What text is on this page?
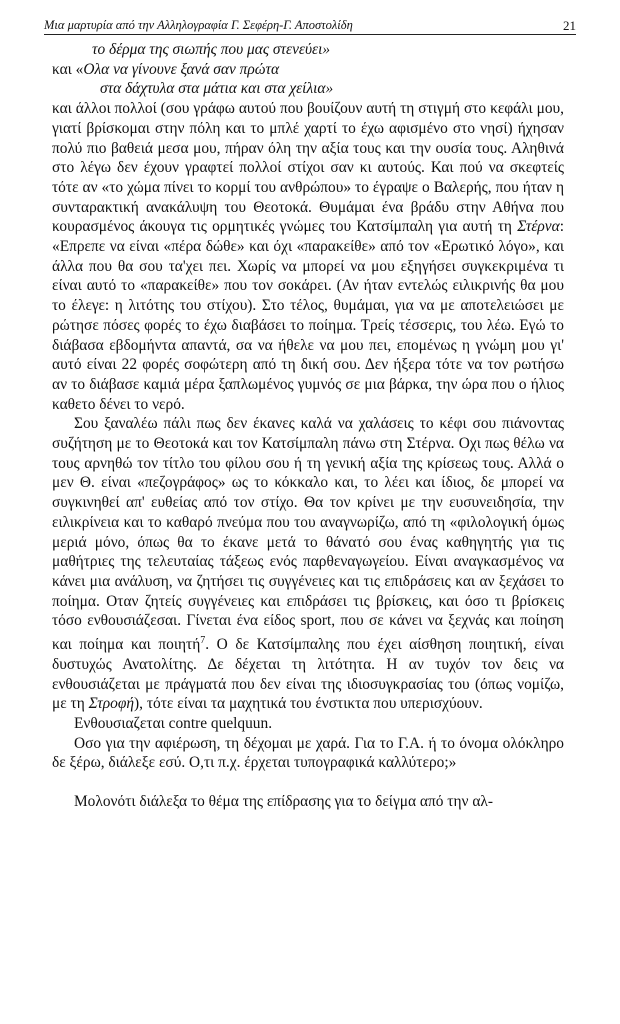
Μια μαρτυρία από την Αλληλογραφία Γ. Σεφέρη-Γ. Αποστολίδη	21

το δέρμα της σιωπής που μας στενεύει»

και «Ολα να γίνουνε ξανά σαν πρώτα

στα δάχτυλα στα μάτια και στα χείλια»

και άλλοι πολλοί (σου γράφω αυτού που βουίζουν αυτή τη στιγμή στο κεφάλι μου, γιατί βρίσκομαι στην πόλη και το μπλέ χαρτί το έχω αφισμένο στο νησί) ήχησαν πολύ πιο βαθειά μεσα μου, πήραν όλη την αξία τους και την ουσία τους. Αληθινά στο λέγω δεν έχουν γραφτεί πολλοί στίχοι σαν κι αυτούς. Και πού να σκεφτείς τότε αν «το χώμα πίνει το κορμί του ανθρώπου» το έγραψε ο Βαλερής, που ήταν η συνταρακτική ανακάλυψη του Θεοτοκά. Θυμάμαι ένα βράδυ στην Αθήνα που κουρασμένος άκουγα τις ορμητικές γνώμες του Κατσίμπαλη για αυτή τη Στέρνα: «Επρεπε να είναι «πέρα δώθε» και όχι «παρακείθε» από τον «Ερωτικό λόγο», και άλλα που θα σου τα'χει πει. Χωρίς να μπορεί να μου εξηγήσει συγκεκριμένα τι είναι αυτό το «παρακείθε» που τον σοκάρει. (Αν ήταν εντελώς ειλικρινής θα μου το έλεγε: η λιτότης του στίχου). Στο τέλος, θυμάμαι, για να με αποτελειώσει με ρώτησε πόσες φορές το έχω διαβάσει το ποίημα. Τρείς τέσσερις, του λέω. Εγώ το διάβασα εβδομήντα απαντά, σα να ήθελε να μου πει, επομένως η γνώμη μου γι' αυτό είναι 22 φορές σοφώτερη από τη δική σου. Δεν ήξερα τότε να τον ρωτήσω αν το διάβασε καμιά μέρα ξαπλωμένος γυμνός σε μια βάρκα, την ώρα που ο ήλιος καθετο δένει το νερό.

Σου ξαναλέω πάλι πως δεν έκανες καλά να χαλάσεις το κέφι σου πιάνοντας συζήτηση με το Θεοτοκά και τον Κατσίμπαλη πάνω στη Στέρνα. Οχι πως θέλω να τους αρνηθώ τον τίτλο του φίλου σου ή τη γενική αξία της κρίσεως τους. Αλλά ο μεν Θ. είναι «πεζογράφος» ως το κόκκαλο και, το λέει και ίδιος, δε μπορεί να συγκινηθεί απ' ευθείας από τον στίχο. Θα τον κρίνει με την ευσυνειδησία, την ειλικρίνεια και το καθαρό πνεύμα που του αναγνωρίζω, από τη «φιλολογική όμως μεριά μόνο, όπως θα το έκανε μετά το θάνατό σου ένας καθηγητής για τις μαθήτριες της τελευταίας τάξεως ενός παρθεναγωγείου. Είναι αναγκασμένος να κάνει μια ανάλυση, να ζητήσει τις συγγένειες και τις επιδράσεις και αν ξεχάσει το ποίημα. Οταν ζητείς συγγένειες και επιδράσει τις βρίσκεις, και όσο τι βρίσκεις τόσο ενθουσιάζεσαι. Γίνεται ένα είδος sport, που σε κάνει να ξεχνάς και ποίηση και ποίημα και ποιητή$^7$. Ο δε Κατσίμπαλης που έχει αίσθηση ποιητική, είναι δυστυχώς Ανατολίτης. Δε δέχεται τη λιτότητα. Η αν τυχόν τον δεις να ενθουσιάζεται με πράγματά που δεν είναι της ιδιοσυγκρασίας του (όπως νομίζω, με τη Στροφή), τότε είναι τα μαχητικά του ένστικτα που υπερισχύουν.

Ενθουσιαζεται contre quelquun.

Οσο για την αφιέρωση, τη δέχομαι με χαρά. Για το Γ.Α. ή το όνομα ολόκληρο δε ξέρω, διάλεξε εσύ. Ο,τι π.χ. έρχεται τυπογραφικά καλλύτερο;»

Μολονότι διάλεξα το θέμα της επίδρασης για το δείγμα από την αλ-
